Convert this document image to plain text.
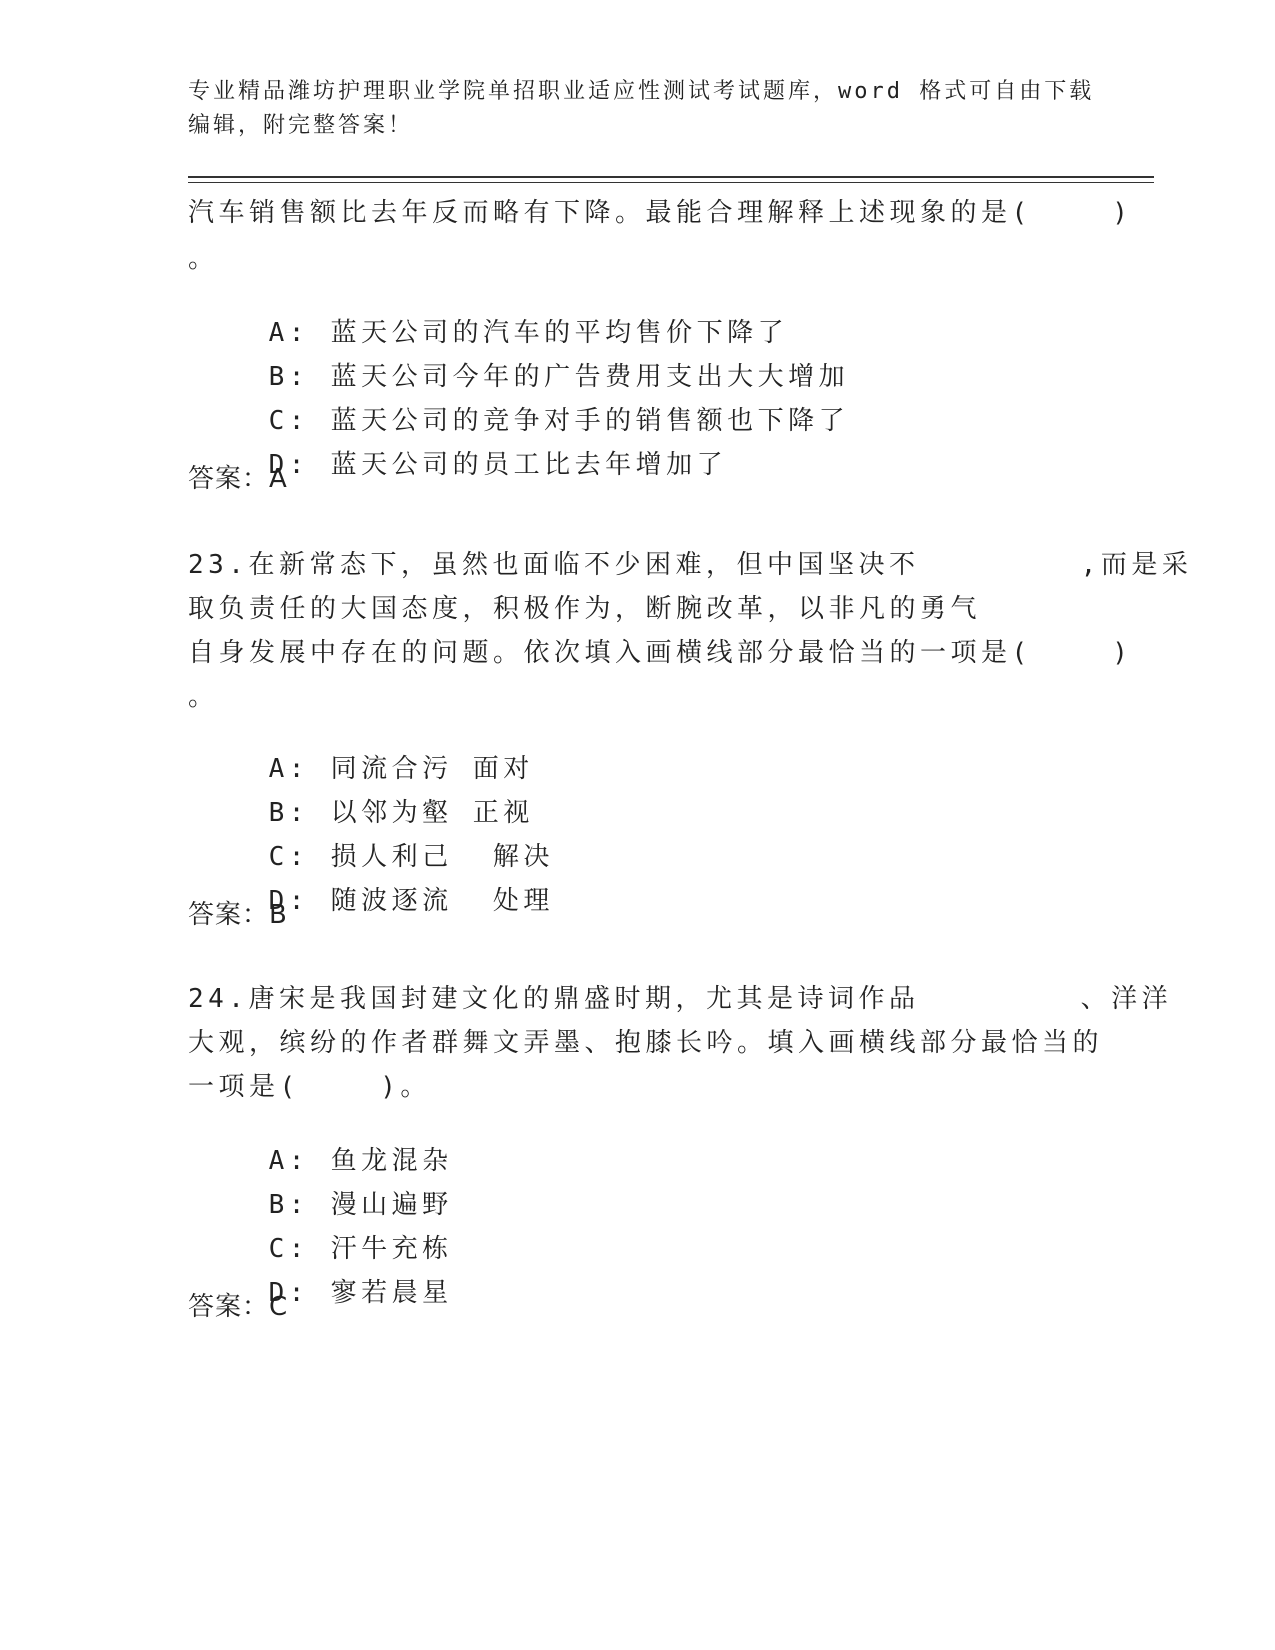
专业精品潍坊护理职业学院单招职业适应性测试考试题库，word 格式可自由下载
编辑，附完整答案！
汽车销售额比去年反而略有下降。最能合理解释上述现象的是(    )
。

A: 蓝天公司的汽车的平均售价下降了

B: 蓝天公司今年的广告费用支出大大增加

C: 蓝天公司的竞争对手的销售额也下降了

D: 蓝天公司的员工比去年增加了

答案：A
23.在新常态下，虽然也面临不少困难，但中国坚决不        ,而是采
取负责任的大国态度，积极作为，断腕改革，以非凡的勇气
自身发展中存在的问题。依次填入画横线部分最恰当的一项是(    )
。

A: 同流合污 面对

B: 以邻为壑 正视

C: 损人利己  解决

D: 随波逐流  处理

答案：B
24.唐宋是我国封建文化的鼎盛时期，尤其是诗词作品        、洋洋
大观，缤纷的作者群舞文弄墨、抱膝长吟。填入画横线部分最恰当的
一项是(    )。

A: 鱼龙混杂

B: 漫山遍野

C: 汗牛充栋

D: 寥若晨星

答案：C
